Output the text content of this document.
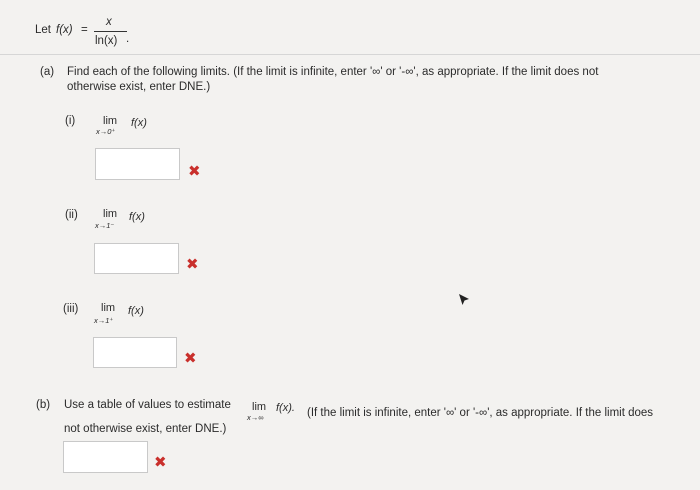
Let f(x) =
x
ln(x) .
(a) Find each of the following limits. (If the limit is infinite, enter '∞' or '-∞', as appropriate. If the limit does not
otherwise exist, enter DNE.)
(i)	lim
x→0⁺
f(x)
✖
(ii) lim
x→1⁻
f(x)
✖
(iii) lim
x→1⁺
f(x)
✖
(b) Use a table of values to estimate lim
x→∞
f(x). (If the limit is infinite, enter '∞' or '-∞', as appropriate. If the limit does
not otherwise exist, enter DNE.)
✖
